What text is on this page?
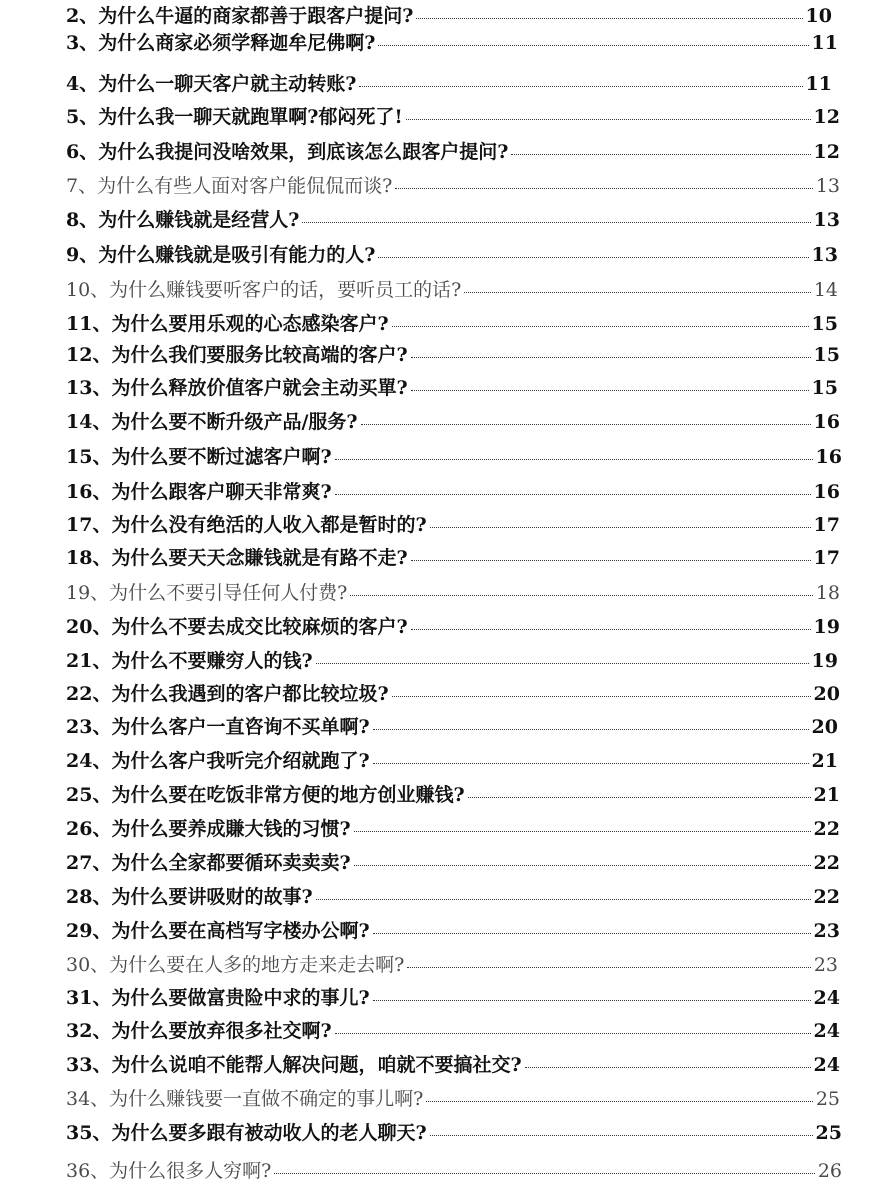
2、为什么牛逼的商家都善于跟客户提问?	10
3、为什么商家必须学释迦牟尼佛啊?	11
4、为什么一聊天客户就主动转账?	11
5、为什么我一聊天就跑單啊?郁闷死了!	12
6、为什么我提问没啥效果，到底该怎么跟客户提问?	12
7、为什么有些人面对客户能侃侃而谈?	13
8、为什么赚钱就是经营人?	13
9、为什么赚钱就是吸引有能力的人?	13
10、为什么赚钱要听客户的话，要听员工的话?	14
11、为什么要用乐观的心态感染客户?	15
12、为什么我们要服务比较高端的客户?	15
13、为什么释放价值客户就会主动买單?	15
14、为什么要不断升级产品/服务?	16
15、为什么要不断过滤客户啊?	16
16、为什么跟客户聊天非常爽?	16
17、为什么没有绝活的人收入都是暂时的?	17
18、为什么要天天念賺钱就是有路不走?	17
19、为什么不要引导任何人付费?	18
20、为什么不要去成交比较麻烦的客户?	19
21、为什么不要赚穷人的钱?	19
22、为什么我遇到的客户都比较垃圾?	20
23、为什么客户一直咨询不买单啊?	20
24、为什么客户我听完介绍就跑了?	21
25、为什么要在吃饭非常方便的地方创业赚钱?	21
26、为什么要养成賺大钱的习惯?	22
27、为什么全家都要循环卖卖卖?	22
28、为什么要讲吸财的故事?	22
29、为什么要在高档写字楼办公啊?	23
30、为什么要在人多的地方走来走去啊?	23
31、为什么要做富贵险中求的事儿?	24
32、为什么要放弃很多社交啊?	24
33、为什么说咱不能帮人解决问题，咱就不要搞社交?	24
34、为什么赚钱要一直做不确定的事儿啊?	25
35、为什么要多跟有被动收人的老人聊天?	25
36、为什么很多人穷啊?	26
